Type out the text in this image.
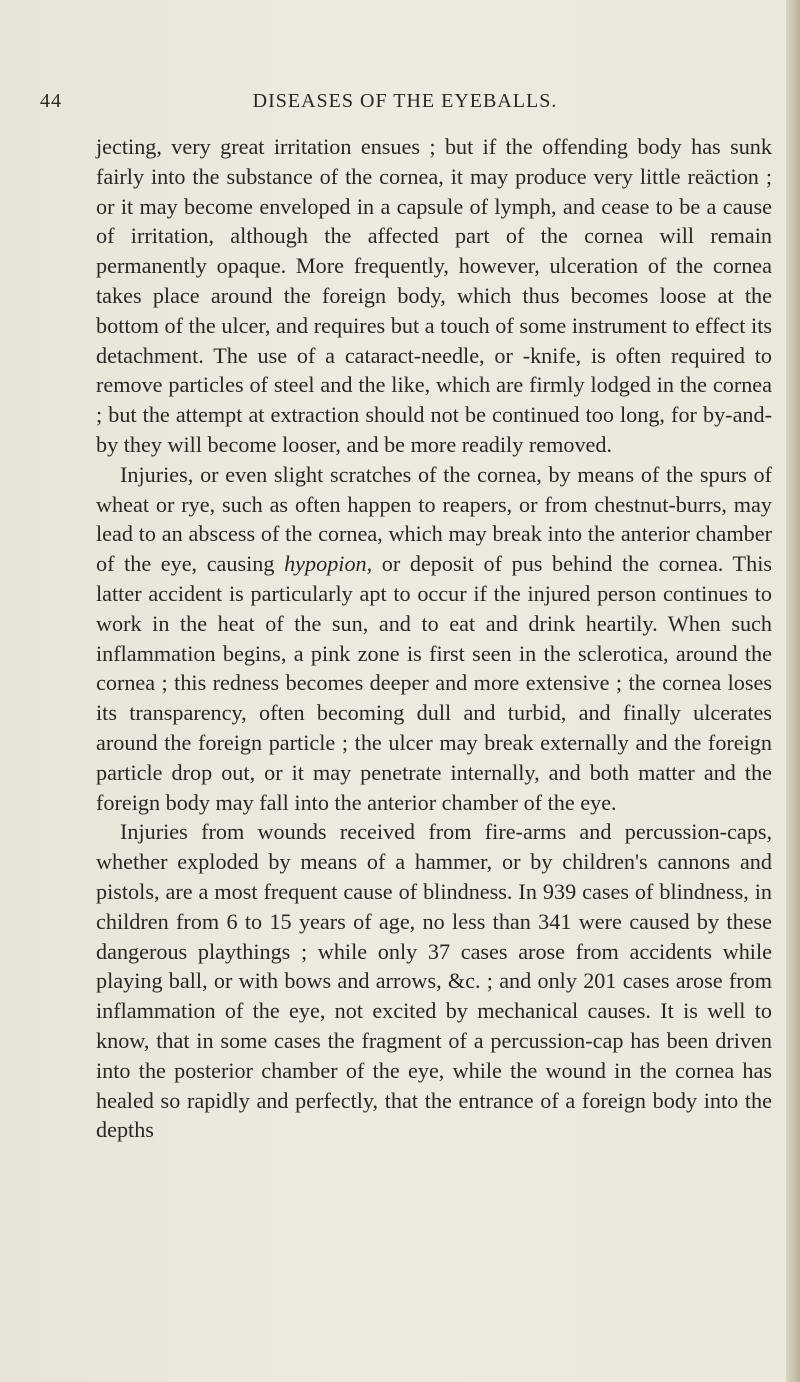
44	DISEASES OF THE EYEBALLS.

jecting, very great irritation ensues ; but if the offending body has sunk fairly into the substance of the cornea, it may produce very little reäction ; or it may become enveloped in a capsule of lymph, and cease to be a cause of irritation, although the affected part of the cornea will remain permanently opaque. More frequently, however, ulceration of the cornea takes place around the foreign body, which thus becomes loose at the bottom of the ulcer, and requires but a touch of some instrument to effect its detachment. The use of a cataract-needle, or -knife, is often required to remove particles of steel and the like, which are firmly lodged in the cornea ; but the attempt at extraction should not be continued too long, for by-and-by they will become looser, and be more readily removed.

Injuries, or even slight scratches of the cornea, by means of the spurs of wheat or rye, such as often happen to reapers, or from chestnut-burrs, may lead to an abscess of the cornea, which may break into the anterior chamber of the eye, causing hypopion, or deposit of pus behind the cornea. This latter accident is particularly apt to occur if the injured person continues to work in the heat of the sun, and to eat and drink heartily. When such inflammation begins, a pink zone is first seen in the sclerotica, around the cornea ; this redness becomes deeper and more extensive ; the cornea loses its transparency, often becoming dull and turbid, and finally ulcerates around the foreign particle ; the ulcer may break externally and the foreign particle drop out, or it may penetrate internally, and both matter and the foreign body may fall into the anterior chamber of the eye.

Injuries from wounds received from fire-arms and percussion-caps, whether exploded by means of a hammer, or by children's cannons and pistols, are a most frequent cause of blindness. In 939 cases of blindness, in children from 6 to 15 years of age, no less than 341 were caused by these dangerous playthings ; while only 37 cases arose from accidents while playing ball, or with bows and arrows, &c. ; and only 201 cases arose from inflammation of the eye, not excited by mechanical causes. It is well to know, that in some cases the fragment of a percussion-cap has been driven into the posterior chamber of the eye, while the wound in the cornea has healed so rapidly and perfectly, that the entrance of a foreign body into the depths
